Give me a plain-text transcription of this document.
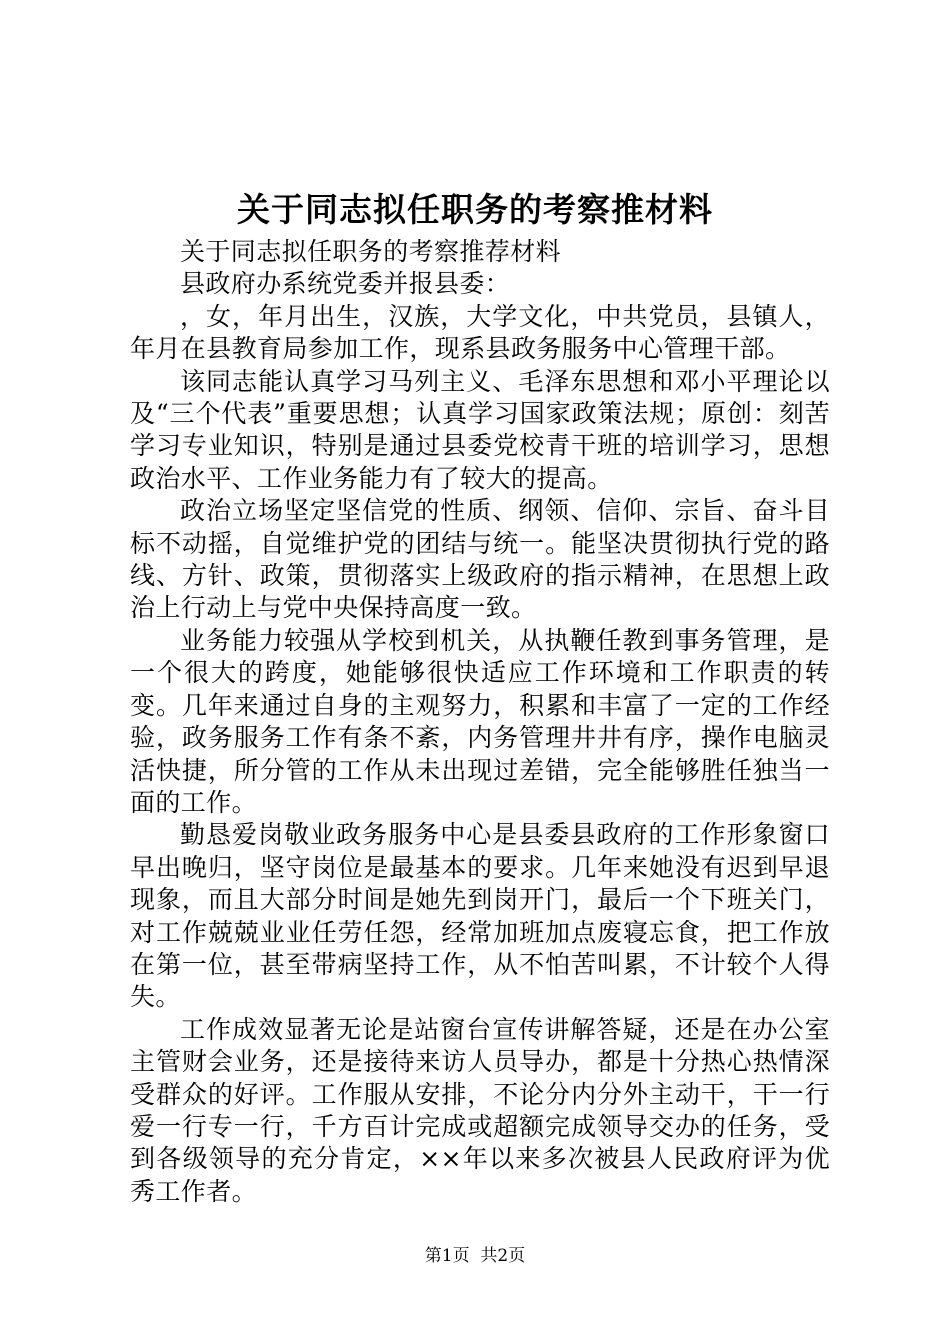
关于同志拟任职务的考察推材料

关于同志拟任职务的考察推荐材料

县政府办系统党委并报县委：

，女，年月出生，汉族，大学文化，中共党员，县镇人，年月在县教育局参加工作，现系县政务服务中心管理干部。

该同志能认真学习马列主义、毛泽东思想和邓小平理论以及“三个代表”重要思想；认真学习国家政策法规；原创：刻苦学习专业知识，特别是通过县委党校青干班的培训学习，思想政治水平、工作业务能力有了较大的提高。

政治立场坚定坚信党的性质、纲领、信仰、宗旨、奋斗目标不动摇，自觉维护党的团结与统一。能坚决贯彻执行党的路线、方针、政策，贯彻落实上级政府的指示精神，在思想上政治上行动上与党中央保持高度一致。

业务能力较强从学校到机关，从执鞭任教到事务管理，是一个很大的跨度，她能够很快适应工作环境和工作职责的转变。几年来通过自身的主观努力，积累和丰富了一定的工作经验，政务服务工作有条不紊，内务管理井井有序，操作电脑灵活快捷，所分管的工作从未出现过差错，完全能够胜任独当一面的工作。

勤恳爱岗敬业政务服务中心是县委县政府的工作形象窗口早出晚归，坚守岗位是最基本的要求。几年来她没有迟到早退现象，而且大部分时间是她先到岗开门，最后一个下班关门，对工作兢兢业业任劳任怨，经常加班加点废寝忘食，把工作放在第一位，甚至带病坚持工作，从不怕苦叫累，不计较个人得失。

工作成效显著无论是站窗台宣传讲解答疑，还是在办公室主管财会业务，还是接待来访人员导办，都是十分热心热情深受群众的好评。工作服从安排，不论分内分外主动干，干一行爱一行专一行，千方百计完成或超额完成领导交办的任务，受到各级领导的充分肯定，××年以来多次被县人民政府评为优秀工作者。

第1页 共2页
